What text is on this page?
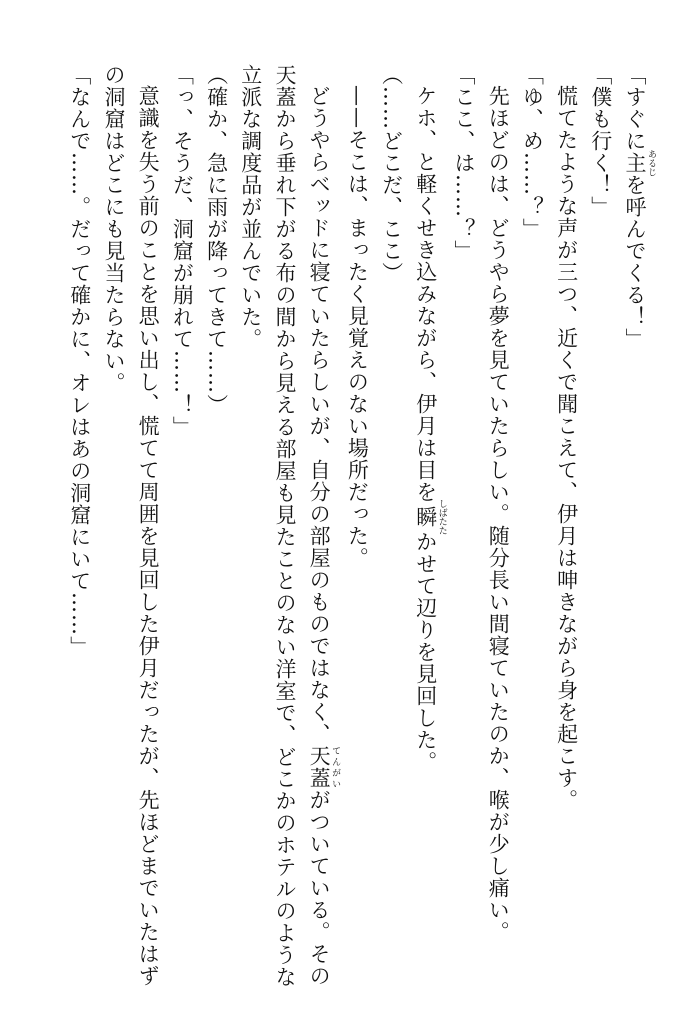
「すぐに主 あるじを呼んでくる！」
「僕も行く！」
慌てたような声が三つ、近くで聞こえて、伊月は呻きながら身を起こす。
「ゆ、め……？」
先ほどのは、どうやら夢を見ていたらしい。随分長い間寝ていたのか、喉が少し痛い。
「ここ、は……？」
ケホ、と軽くせき込みながら、伊月は目を瞬 しばたたかせて辺りを見回した。
（……どこだ、ここ）
——そこは、まったく見覚えのない場所だった。
どうやらベッドに寝ていたらしいが、自分の部屋のものではなく、天蓋 てんがいがついている。その
天蓋から垂れ下がる布の間から見える部屋も見たことのない洋室で、どこかのホテルのような
立派な調度品が並んでいた。
（確か、急に雨が降ってきて……）
「っ、そうだ、洞窟が崩れて……！」
意識を失う前のことを思い出し、慌てて周囲を見回した伊月だったが、先ほどまでいたはず
の洞窟はどこにも見当たらない。
「なんで……。だって確かに、オレはあの洞窟にいて……」
